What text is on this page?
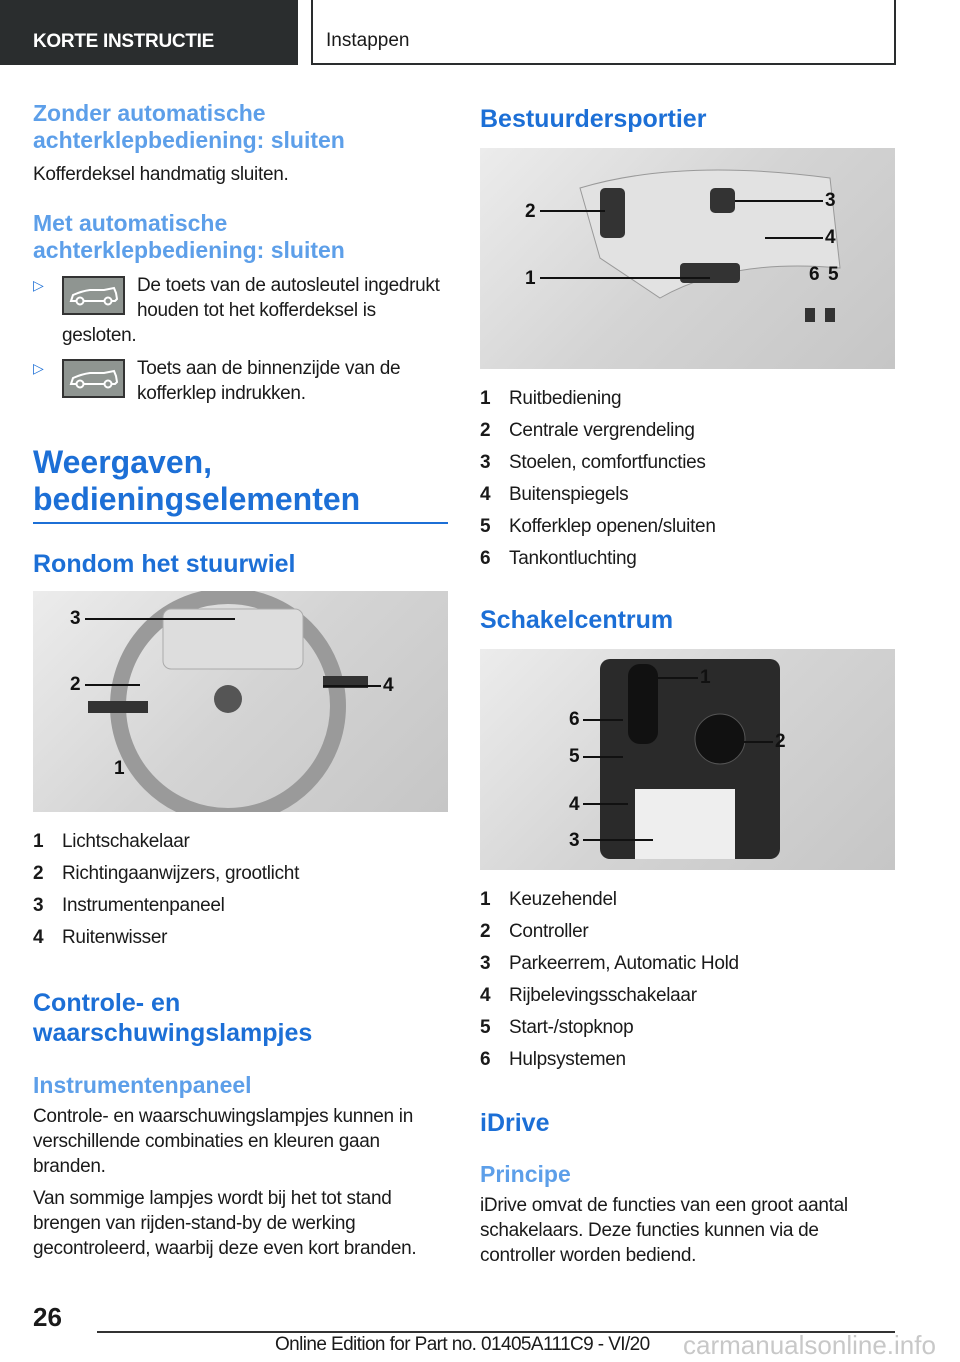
KORTE INSTRUCTIE	Instappen
Zonder automatische achterklepbediening: sluiten

Kofferdeksel handmatig sluiten.

Met automatische achterklepbediening: sluiten
▷	De toets van de autosleutel ingedrukt houden tot het kofferdeksel is gesloten.
▷	Toets aan de binnenzijde van de kofferklep indrukken.
Weergaven, bedieningselementen
Rondom het stuurwiel
3
2	4
1
1 Lichtschakelaar
2 Richtingaanwijzers, grootlicht
3 Instrumentenpaneel
4 Ruitenwisser
Controle- en waarschuwingslampjes
Instrumentenpaneel

Controle- en waarschuwingslampjes kunnen in verschillende combinaties en kleuren gaan branden.

Van sommige lampjes wordt bij het tot stand brengen van rijden-stand-by de werking gecontroleerd, waarbij deze even kort branden.

Bestuurdersportier
2
3
4
1	6 5
1 Ruitbediening
2 Centrale vergrendeling
3 Stoelen, comfortfuncties
4 Buitenspiegels
5 Kofferklep openen/sluiten
6 Tankontluchting
Schakelcentrum
1
6
2
5
4
3
1 Keuzehendel
2 Controller
3 Parkeerrem, Automatic Hold
4 Rijbelevingsschakelaar
5 Start-/stopknop
6 Hulpsystemen
iDrive
Principe

iDrive omvat de functies van een groot aantal schakelaars. Deze functies kunnen via de controller worden bediend.

26
Online Edition for Part no. 01405A111C9 - VI/20 carmanualsonline.info
